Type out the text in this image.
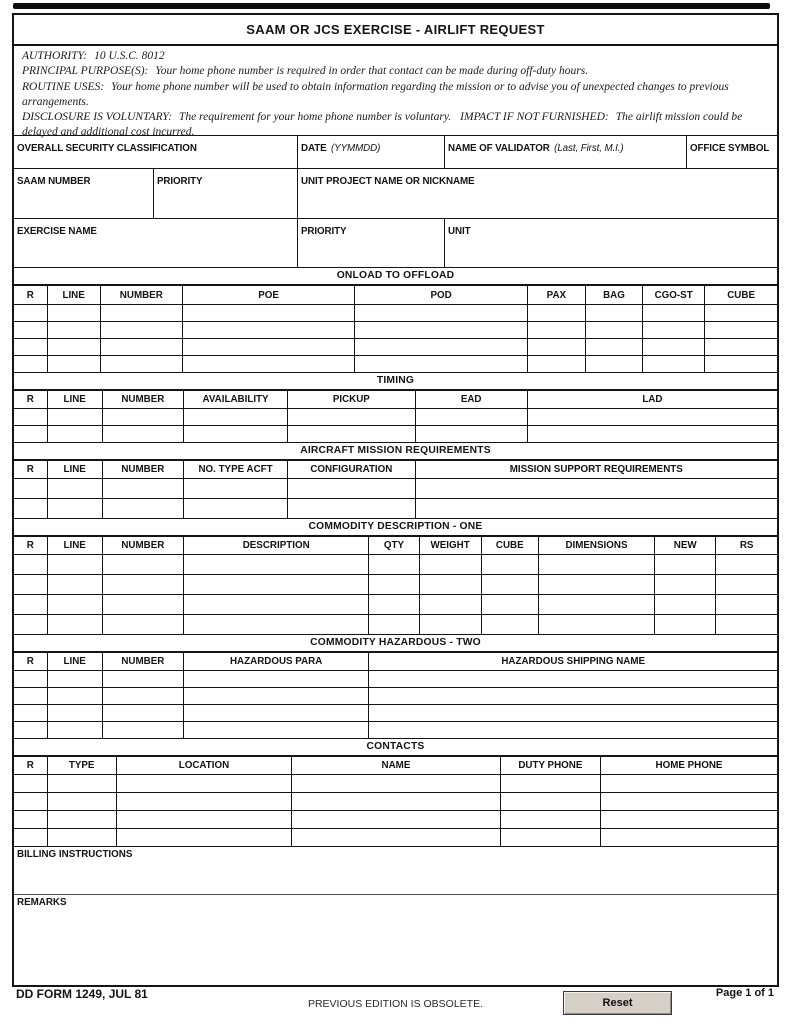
SAAM OR JCS EXERCISE - AIRLIFT REQUEST

AUTHORITY: 10 U.S.C. 8012

PRINCIPAL PURPOSE(S): Your home phone number is required in order that contact can be made during off-duty hours.

ROUTINE USES: Your home phone number will be used to obtain information regarding the mission or to advise you of unexpected changes to previous arrangements.

DISCLOSURE IS VOLUNTARY: The requirement for your home phone number is voluntary. IMPACT IF NOT FURNISHED: The airlift mission could be delayed and additional cost incurred.

OVERALL SECURITY CLASSIFICATION	DATE (YYMMDD)	NAME OF VALIDATOR (Last, First, M.I.)	OFFICE SYMBOL
SAAM NUMBER	PRIORITY	UNIT PROJECT NAME OR NICKNAME
EXERCISE NAME	PRIORITY	UNIT
ONLOAD TO OFFLOAD
R	LINE	NUMBER	POE	POD	PAX	BAG	CGO-ST	CUBE

TIMING
R	LINE	NUMBER	AVAILABILITY	PICKUP	EAD	LAD

AIRCRAFT MISSION REQUIREMENTS
R	LINE	NUMBER	NO. TYPE ACFT	CONFIGURATION	MISSION SUPPORT REQUIREMENTS

COMMODITY DESCRIPTION - ONE
R	LINE	NUMBER	DESCRIPTION	QTY	WEIGHT	CUBE	DIMENSIONS	NEW	RS

COMMODITY HAZARDOUS - TWO
R	LINE	NUMBER	HAZARDOUS PARA	HAZARDOUS SHIPPING NAME

CONTACTS
R	TYPE	LOCATION	NAME	DUTY PHONE	HOME PHONE

BILLING INSTRUCTIONS
REMARKS
DD FORM 1249, JUL 81
PREVIOUS EDITION IS OBSOLETE.	Reset
Page 1 of 1
